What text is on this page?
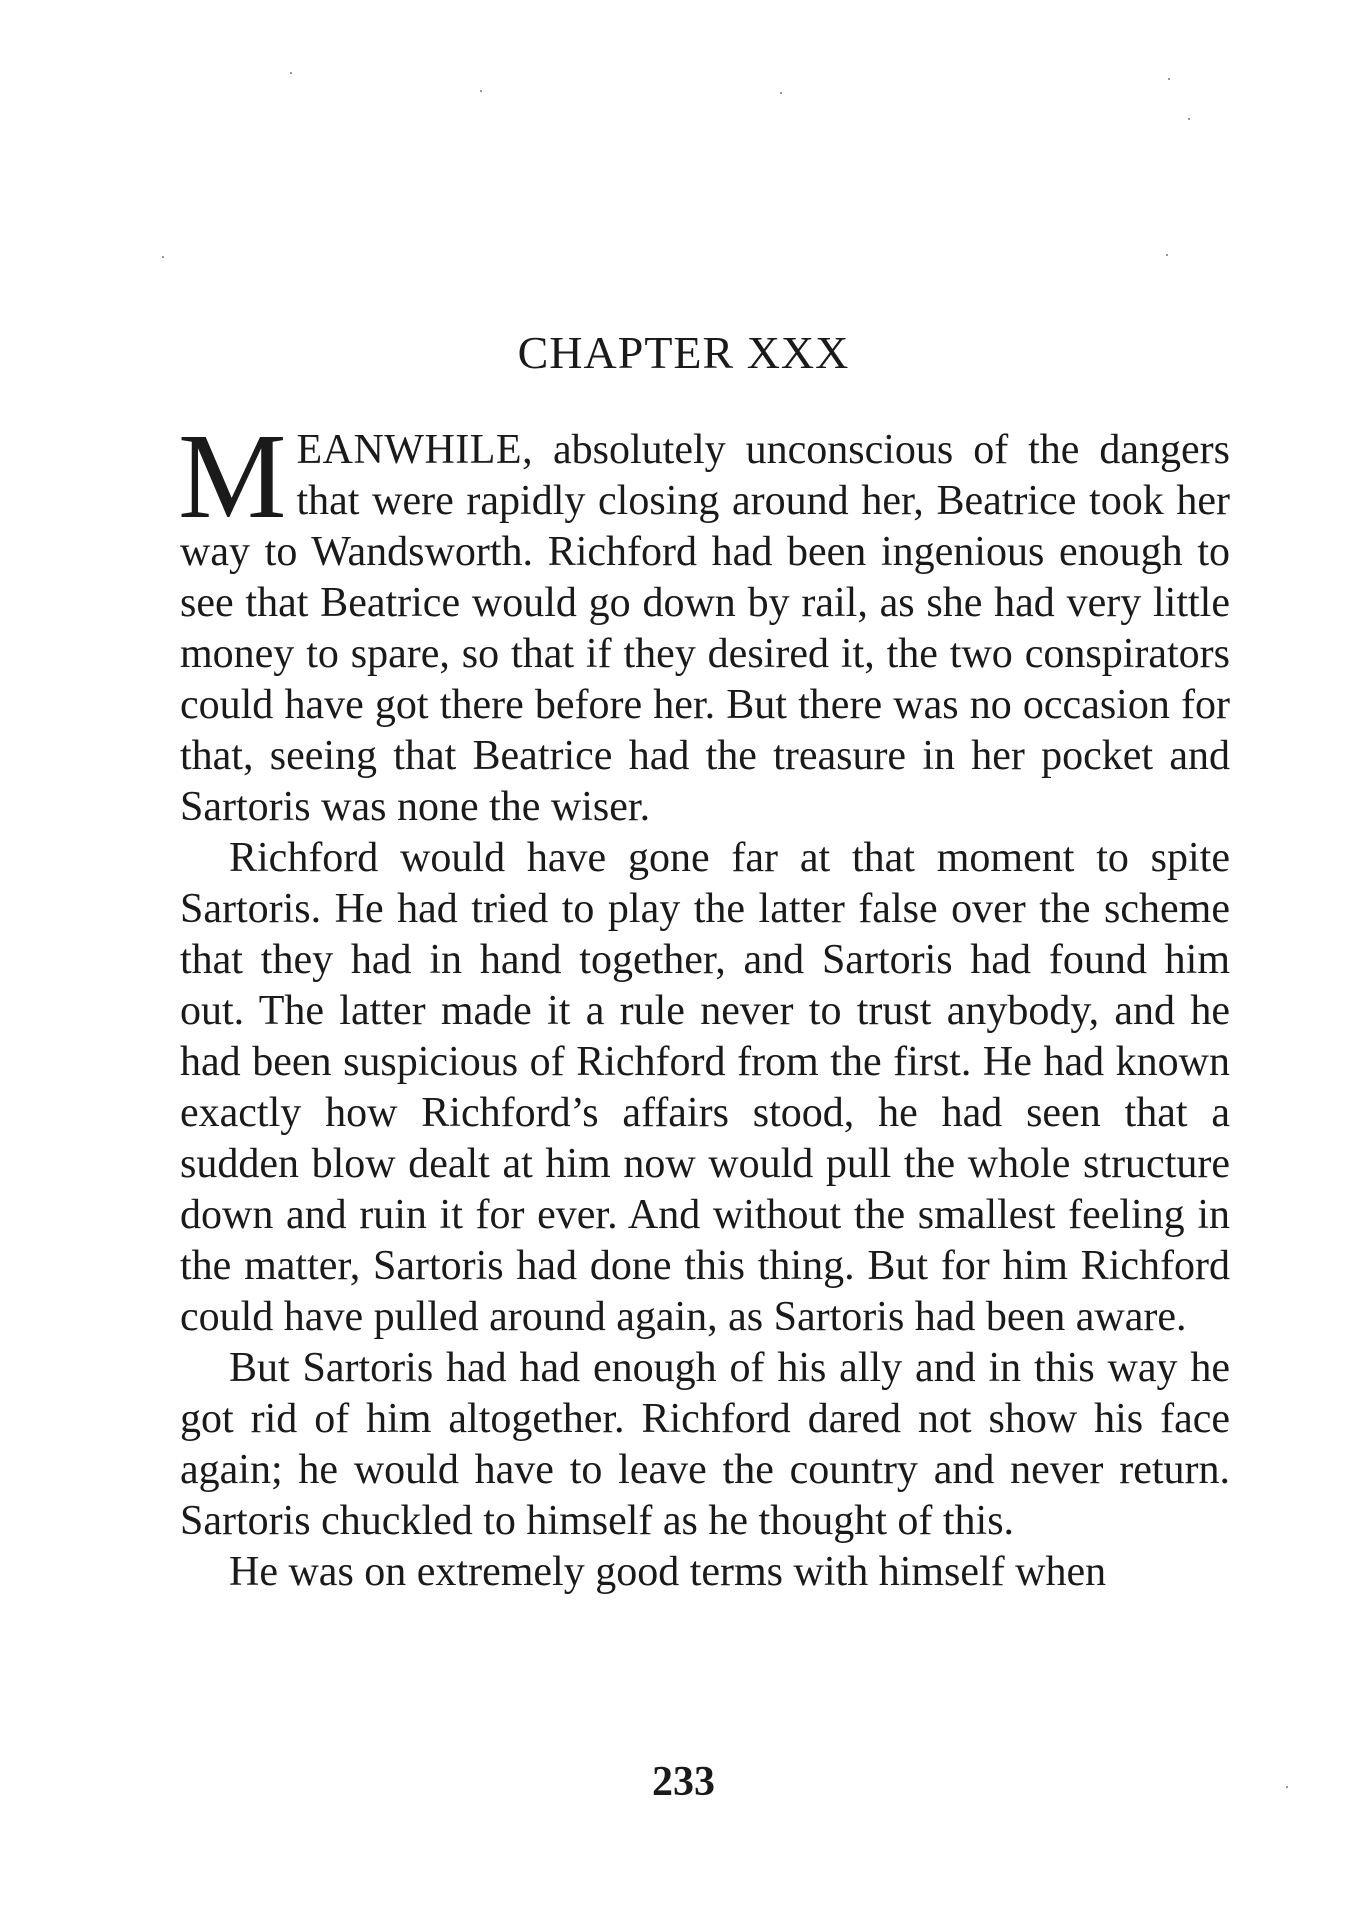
CHAPTER XXX

MEANWHILE, absolutely unconscious of the dangers that were rapidly closing around her, Beatrice took her way to Wandsworth. Richford had been ingenious enough to see that Beatrice would go down by rail, as she had very little money to spare, so that if they desired it, the two conspirators could have got there before her. But there was no occasion for that, seeing that Beatrice had the treasure in her pocket and Sartoris was none the wiser.

Richford would have gone far at that moment to spite Sartoris. He had tried to play the latter false over the scheme that they had in hand together, and Sartoris had found him out. The latter made it a rule never to trust anybody, and he had been suspicious of Richford from the first. He had known exactly how Richford’s affairs stood, he had seen that a sudden blow dealt at him now would pull the whole structure down and ruin it for ever. And without the smallest feeling in the matter, Sartoris had done this thing. But for him Richford could have pulled around again, as Sartoris had been aware.

But Sartoris had had enough of his ally and in this way he got rid of him altogether. Richford dared not show his face again; he would have to leave the country and never return. Sartoris chuckled to himself as he thought of this.

He was on extremely good terms with himself when

233
